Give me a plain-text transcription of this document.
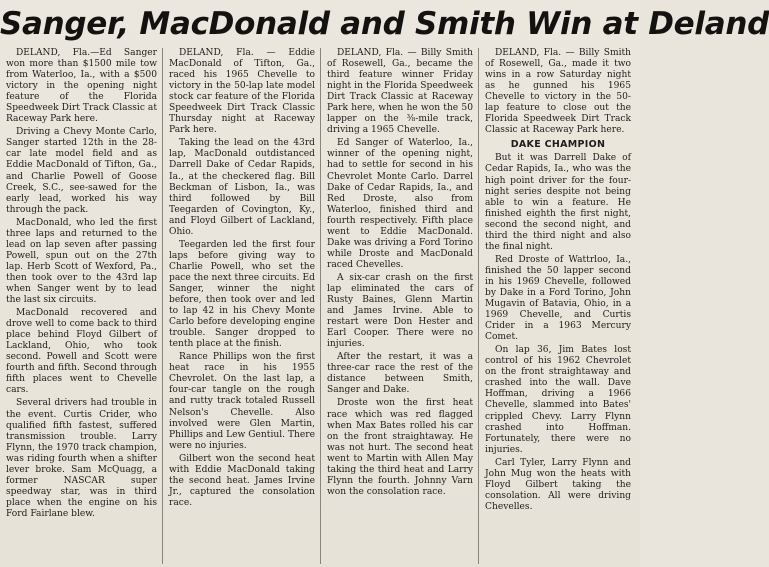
Sanger, MacDonald and Smith Win at Deland

DELAND, Fla.—Ed Sanger won more than $1500 mile tow from Waterloo, Ia., with a $500 victory in the opening night feature of the Florida Speedweek Dirt Track Classic at Raceway Park here.

Driving a Chevy Monte Carlo, Sanger started 12th in the 28-car late model field and as Eddie MacDonald of Tifton, Ga., and Charlie Powell of Goose Creek, S.C., see-sawed for the early lead, worked his way through the pack.

MacDonald, who led the first three laps and returned to the lead on lap seven after passing Powell, spun out on the 27th lap. Herb Scott of Wexford, Pa., then took over to the 43rd lap when Sanger went by to lead the last six circuits.

MacDonald recovered and drove well to come back to third place behind Floyd Gilbert of Lackland, Ohio, who took second. Powell and Scott were fourth and fifth. Second through fifth places went to Chevelle cars.

Several drivers had trouble in the event. Curtis Crider, who qualified fifth fastest, suffered transmission trouble. Larry Flynn, the 1970 track champion, was riding fourth when a shifter lever broke. Sam McQuagg, a former NASCAR super speedway star, was in third place when the engine on his Ford Fairlane blew.

DELAND, Fla. — Eddie MacDonald of Tifton, Ga., raced his 1965 Chevelle to victory in the 50-lap late model stock car feature of the Florida Speedweek Dirt Track Classic Thursday night at Raceway Park here.

Taking the lead on the 43rd lap, MacDonald outdistanced Darrell Dake of Cedar Rapids, Ia., at the checkered flag. Bill Beckman of Lisbon, Ia., was third followed by Bill Teegarden of Covington, Ky., and Floyd Gilbert of Lackland, Ohio.

Teegarden led the first four laps before giving way to Charlie Powell, who set the pace the next three circuits. Ed Sanger, winner the night before, then took over and led to lap 42 in his Chevy Monte Carlo before developing engine trouble. Sanger dropped to tenth place at the finish.

Rance Phillips won the first heat race in his 1955 Chevrolet. On the last lap, a four-car tangle on the rough and rutty track totaled Russell Nelson's Chevelle. Also involved were Glen Martin, Phillips and Lew Gentiul. There were no injuries.

Gilbert won the second heat with Eddie MacDonald taking the second heat. James Irvine Jr., captured the consolation race.

DELAND, Fla. — Billy Smith of Rosewell, Ga., became the third feature winner Friday night in the Florida Speedweek Dirt Track Classic at Raceway Park here, when he won the 50 lapper on the ⅜-mile track, driving a 1965 Chevelle.

Ed Sanger of Waterloo, Ia., winner of the opening night, had to settle for second in his Chevrolet Monte Carlo. Darrel Dake of Cedar Rapids, Ia., and Red Droste, also from Waterloo, finished third and fourth respectively. Fifth place went to Eddie MacDonald. Dake was driving a Ford Torino while Droste and MacDonald raced Chevelles.

A six-car crash on the first lap eliminated the cars of Rusty Baines, Glenn Martin and James Irvine. Able to restart were Don Hester and Earl Cooper. There were no injuries.

After the restart, it was a three-car race the rest of the distance between Smith, Sanger and Dake.

Droste won the first heat race which was red flagged when Max Bates rolled his car on the front straightaway. He was not hurt. The second heat went to Martin with Allen May taking the third heat and Larry Flynn the fourth. Johnny Varn won the consolation race.

DELAND, Fla. — Billy Smith of Rosewell, Ga., made it two wins in a row Saturday night as he gunned his 1965 Chevelle to victory in the 50-lap feature to close out the Florida Speedweek Dirt Track Classic at Raceway Park here.

DAKE CHAMPION

But it was Darrell Dake of Cedar Rapids, Ia., who was the high point driver for the four-night series despite not being able to win a feature. He finished eighth the first night, second the second night, and third the third night and also the final night.

Red Droste of Wattrloo, Ia., finished the 50 lapper second in his 1969 Chevelle, followed by Dake in a Ford Torino, John Mugavin of Batavia, Ohio, in a 1969 Chevelle, and Curtis Crider in a 1963 Mercury Comet.

On lap 36, Jim Bates lost control of his 1962 Chevrolet on the front straightaway and crashed into the wall. Dave Hoffman, driving a 1966 Chevelle, slammed into Bates' crippled Chevy. Larry Flynn crashed into Hoffman. Fortunately, there were no injuries.

Carl Tyler, Larry Flynn and John Mug won the heats with Floyd Gilbert taking the consolation. All were driving Chevelles.
